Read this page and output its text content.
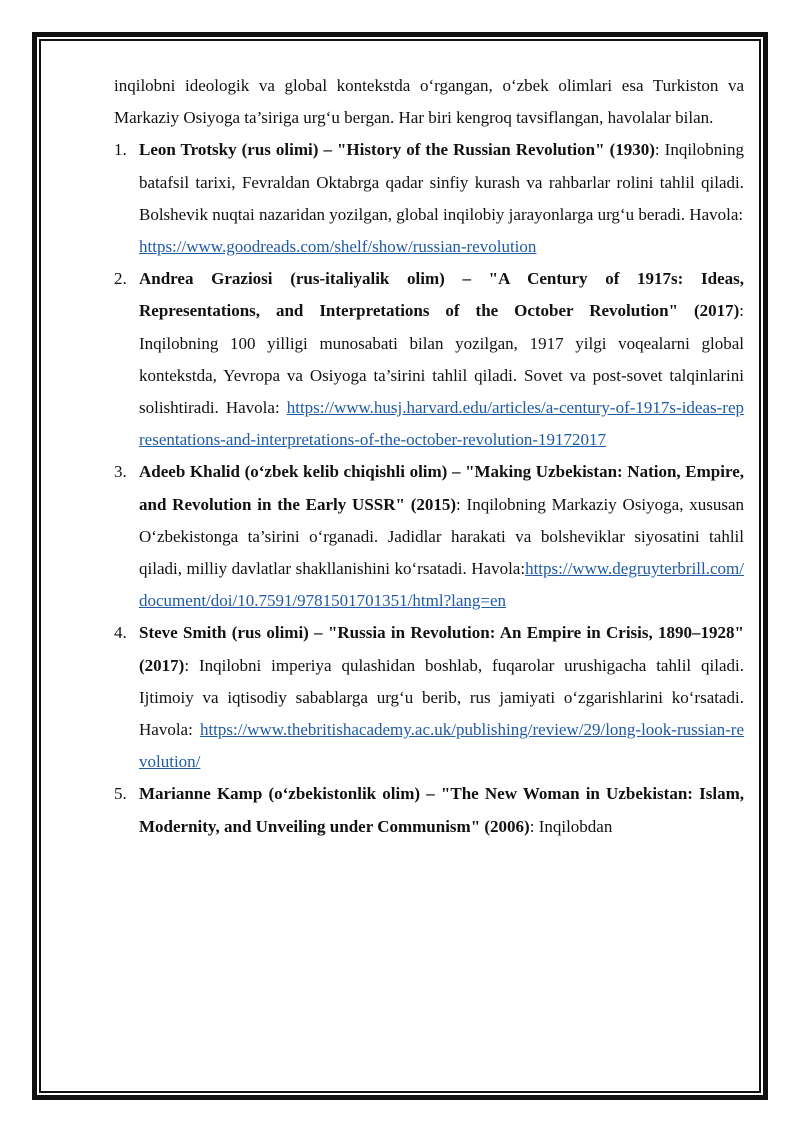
inqilobni ideologik va global kontekstda o‘rgangan, o‘zbek olimlari esa Turkiston va Markaziy Osiyoga ta’siriga urg‘u bergan. Har biri kengroq tavsiflangan, havolalar bilan.

1. Leon Trotsky (rus olimi) – "History of the Russian Revolution" (1930): Inqilobning batafsil tarixi, Fevraldan Oktabrga qadar sinfiy kurash va rahbarlar rolini tahlil qiladi. Bolshevik nuqtai nazaridan yozilgan, global inqilobiy jarayonlarga urg‘u beradi. Havola:
https://www.goodreads.com/shelf/show/russian-revolution
2. Andrea Graziosi (rus-italiyalik olim) – "A Century of 1917s: Ideas, Representations, and Interpretations of the October Revolution" (2017): Inqilobning 100 yilligi munosabati bilan yozilgan, 1917 yilgi voqealarni global kontekstda, Yevropa va Osiyoga ta’sirini tahlil qiladi. Sovet va post-sovet talqinlarini solishtiradi. Havola: https://www.husj.harvard.edu/articles/a-century-of-1917s-ideas-representations-and-interpretations-of-the-october-revolution-19172017
3. Adeeb Khalid (o‘zbek kelib chiqishli olim) – "Making Uzbekistan: Nation, Empire, and Revolution in the Early USSR" (2015): Inqilobning Markaziy Osiyoga, xususan O‘zbekistonga ta’sirini o‘rganadi. Jadidlar harakati va bolsheviklar siyosatini tahlil qiladi, milliy davlatlar shakllanishini ko‘rsatadi. Havola:https://www.degruyterbrill.com/document/doi/10.7591/9781501701351/html?lang=en
4. Steve Smith (rus olimi) – "Russia in Revolution: An Empire in Crisis, 1890–1928" (2017): Inqilobni imperiya qulashidan boshlab, fuqarolar urushigacha tahlil qiladi. Ijtimoiy va iqtisodiy sabablarga urg‘u berib, rus jamiyati o‘zgarishlarini ko‘rsatadi. Havola: https://www.thebritishacademy.ac.uk/publishing/review/29/long-look-russian-revolution/
5. Marianne Kamp (o‘zbekistonlik olim) – "The New Woman in Uzbekistan: Islam, Modernity, and Unveiling under Communism" (2006): Inqilobdan
